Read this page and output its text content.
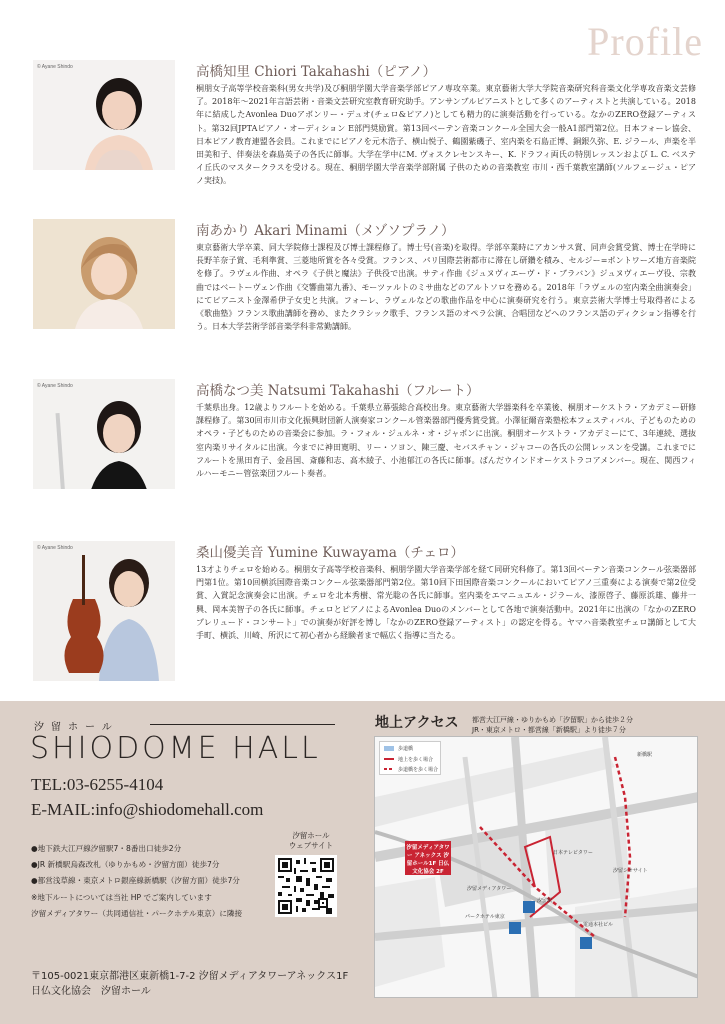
Profile
© Ayane Shindo	高橋知里 Chiori Takahashi（ピアノ）
桐朋女子高等学校音楽科(男女共学)及び桐朋学園大学音楽学部ピアノ専攻卒業。東京藝術大学大学院音楽研究科音楽文化学専攻音楽文芸修了。2018年～2021年言語芸術・音楽文芸研究室教育研究助手。アンサンブルピアニストとして多くのアーティストと共演している。2018年に結成したAvonlea Duoアボンリー・デュオ(チェロ&ピアノ)としても精力的に演奏活動を行っている。なかのZERO登録アーティスト。第32回JPTAピアノ・オーディション E部門奨励賞。第13回ベーテン音楽コンクール全国大会一般A1部門第2位。日本フォーレ協会、日本ピアノ教育連盟各会員。これまでにピアノを元木浩子、横山悦子、鶴園紫磯子、室内楽を石島正博、銅銀久弥、E. ジラール、声楽を半田美和子、伴奏法を森島英子の各氏に師事。大学在学中にM. ヴォスクレセンスキー、K. ドラフィ両氏の特別レッスンおよび L. C. ベステイ丘氏のマスタークラスを受ける。現在、桐朋学園大学音楽学部附属 子供のための音楽教室 市川・西千葉教室講師(ソルフェージュ・ピアノ実技)。
南あかり Akari Minami（メゾソプラノ）
東京藝術大学卒業、同大学院修士課程及び博士課程修了。博士号(音楽)を取得。学部卒業時にアカンサス賞、同声会賞受賞、博士在学時に長野羊奈子賞、毛利準賞、三菱地所賞を各々受賞。フランス、パリ国際芸術都市に滞在し研鑽を積み、セルジー=ポントワーズ地方音楽院を修了。ラヴェル作曲、オペラ《子供と魔法》子供役で出演。サティ作曲《ジュヌヴィエーヴ・ド・ブラバン》ジュヌヴィエーヴ役、宗教曲ではベートーヴェン作曲《交響曲第九番》、モーツァルトのミサ曲などのアルトソロを務める。2018年「ラヴェルの室内楽全曲演奏会」にてピアニスト金澤希伊子女史と共演。フォーレ、ラヴェルなどの歌曲作品を中心に演奏研究を行う。東京芸術大学博士号取得者による《歌曲塾》フランス歌曲講師を務め、またクラシック歌手、フランス語のオペラ公演、合唱団などへのフランス語のディクション指導を行う。日本大学芸術学部音楽学科非常勤講師。
© Ayane Shindo	高橋なつ美 Natsumi Takahashi（フルート）
千葉県出身。12歳よりフルートを始める。千葉県立幕張総合高校出身。東京藝術大学器楽科を卒業後、桐朋オーケストラ・アカデミー研修課程修了。第30回市川市文化振興財団新人演奏家コンクール管楽器部門優秀賞受賞。小澤征爾音楽塾松本フェスティバル、子どものためのオペラ・子どものための音楽会に参加。ラ・フォル・ジュルネ・オ・ジャポンに出演。桐朋オーケストラ・アカデミーにて、3年連続、選抜室内楽リサイタルに出演。今までに神田寛明、リー・ソヨン、陳三慶、セバスチャン・ジャコーの各氏の公開レッスンを受講。これまでにフルートを黒田育子、金昌国、斎藤和志、高木綾子、小池郁江の各氏に師事。ぱんだウインドオーケストラコアメンバー。現在、関西フィルハーモニー管弦楽団フルート奏者。
© Ayane Shindo	桑山優美音 Yumine Kuwayama（チェロ）
13才よりチェロを始める。桐朋女子高等学校音楽科、桐朋学園大学音楽学部を経て同研究科修了。第13回ベーテン音楽コンクール弦楽器部門第1位。第10回横浜国際音楽コンクール弦楽器部門第2位。第10回下田国際音楽コンクールにおいてピアノ三重奏による演奏で第2位受賞、入賞記念演奏会に出演。チェロを北本秀樹、常光聡の各氏に師事。室内楽をエマニュエル・ジラール、漆原啓子、藤原浜雄、藤井一興、岡本美智子の各氏に師事。チェロとピアノによるAvonlea Duoのメンバーとして各地で演奏活動中。2021年に出演の「なかのZEROプレリュード・コンサート」での演奏が好評を博し「なかのZERO登録アーティスト」の認定を得る。ヤマハ音楽教室チェロ講師として大手町、横浜、川崎、所沢にて初心者から経験者まで幅広く指導に当たる。
汐留ホール
SHIODOME HALL
TEL:03-6255-4104
E-MAIL:info@shiodomehall.com
●地下鉄大江戸線汐留駅7・8番出口徒歩2分
●JR 新橋駅烏森改札（ゆりかもめ・汐留方面）徒歩7分
●都営浅草線・東京メトロ銀座線新橋駅（汐留方面）徒歩7分
※地下ルートについては当社 HP でご案内しています
汐留メディアタワー（共同通信社・パークホテル東京）に隣接
汐留ホール
ウェブサイト
〒105-0021東京都港区東新橋1-7-2 汐留メディアタワーアネックス1F
日仏文化協会　汐留ホール
地上アクセス 都営大江戸線・ゆりかもめ「汐留駅」から徒歩２分
JR・東京メトロ・都営線「新橋駅」より徒歩７分
歩道橋
地上を歩く場合
歩道橋を歩く場合
汐留メディアタワー アネックス 汐留ホール1F 日仏文化協会 2F
汐留駅
日本テレビタワー
電通本社ビル
汐留シオサイト
新橋駅
汐留メディアタワー
パークホテル東京
